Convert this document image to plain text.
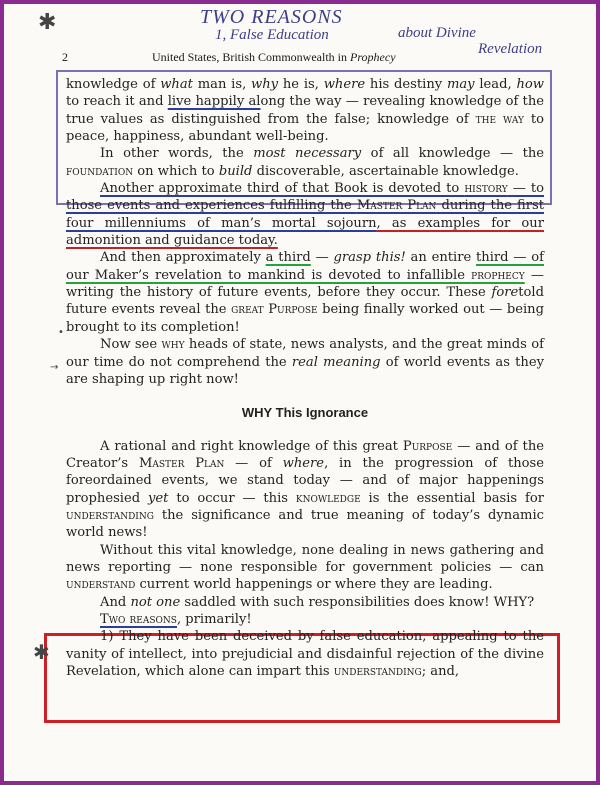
✱	TWO REASONS
1, False Education	about Divine
Revelation
2	United States, British Commonwealth in Prophecy
✱
•
→

knowledge of what man is, why he is, where his destiny may lead, how to reach it and live happily along the way — revealing knowledge of the true values as distinguished from the false; knowledge of the way to peace, happiness, abundant well-being.

In other words, the most necessary of all knowledge — the foundation on which to build discoverable, ascertainable knowledge.

Another approximate third of that Book is devoted to history — to those events and experiences fulfilling the Master Plan during the first four millenniums of man’s mortal sojourn, as examples for our admonition and guidance today.

And then approximately a third — grasp this! an entire third — of our Maker’s revelation to mankind is devoted to infallible prophecy — writing the history of future events, before they occur. These foretold future events reveal the great Purpose being finally worked out — being brought to its completion!

Now see why heads of state, news analysts, and the great minds of our time do not comprehend the real meaning of world events as they are shaping up right now!

WHY This Ignorance

A rational and right knowledge of this great Purpose — and of the Creator’s Master Plan — of where, in the progression of those foreordained events, we stand today — and of major happenings prophesied yet to occur — this knowledge is the essential basis for understanding the significance and true meaning of today’s dynamic world news!

Without this vital knowledge, none dealing in news gathering and news reporting — none responsible for government policies — can understand current world happenings or where they are leading.

And not one saddled with such responsibilities does know! WHY?

Two reasons, primarily!

1) They have been deceived by false education, appealing to the vanity of intellect, into prejudicial and disdainful rejection of the divine Revelation, which alone can impart this understanding; and,
